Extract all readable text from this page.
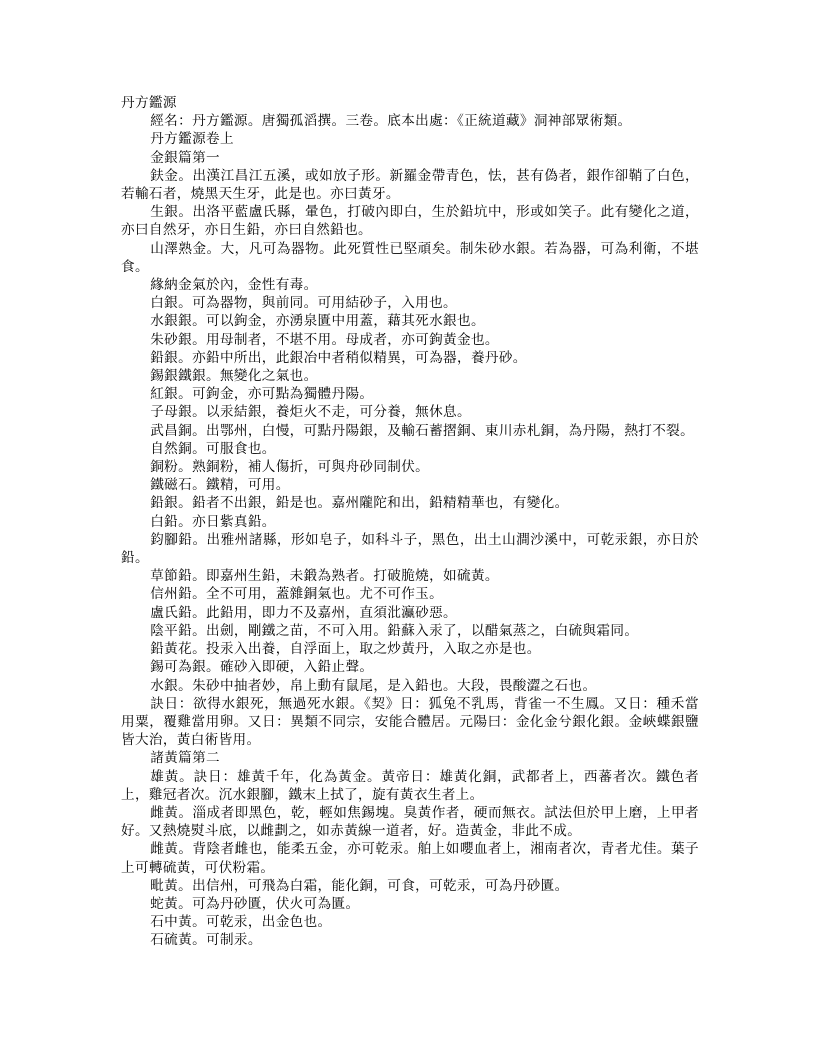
丹方鑑源

經名：丹方鑑源。唐獨孤滔撰。三卷。底本出處：《正統道藏》洞神部眾術類。

丹方鑑源卷上

金銀篇第一

鈇金。出漢江昌江五溪，或如放子形。新羅金帶青色，怯，甚有偽者，銀作卻鞘了白色，若輸石者，燒黑天生牙，此是也。亦曰黃牙。

生銀。出洛平藍盧氏縣，暈色，打破內即白，生於鉛坑中，形或如笑子。此有變化之道，亦曰自然牙，亦日生鉛，亦曰自然鉛也。

山澤熟金。大，凡可為器物。此死質性已堅頑矣。制朱砂水銀。若為器，可為利衛，不堪食。

緣納金氣於內，金性有毒。

白銀。可為器物，與前同。可用結砂子，入用也。

水銀銀。可以鉤金，亦湧泉匱中用蓋，藉其死水銀也。

朱砂銀。用母制者，不堪不用。母成者，亦可鉤黃金也。

鉛銀。亦鉛中所出，此銀冶中者稍似精異，可為器，養丹砂。

錫銀鐵銀。無變化之氣也。

紅銀。可鉤金，亦可點為獨體丹陽。

子母銀。以汞結銀，養炬火不走，可分養，無休息。

武昌銅。出鄂州，白慢，可點丹陽銀，及輸石蓄摺銅、東川赤札銅，為丹陽，熱打不裂。

自然銅。可服食也。

銅粉。熟銅粉，補人傷折，可與舟砂同制伏。

鐵磁石。鐵精，可用。

鉛銀。鉛者不出銀，鉛是也。嘉州隴陀和出，鉛精精華也，有變化。

白鉛。亦日紫真鉛。

鈞腳鉛。出雅州諸縣，形如皂子，如科斗子，黑色，出土山澗沙溪中，可乾汞銀，亦日於鉛。

草節鉛。即嘉州生鉛，未鍛為熟者。打破脆燒，如硫黃。

信州鉛。全不可用，蓋雜銅氣也。尤不可作玉。

盧氏鉛。此鉛用，即力不及嘉州，直須沘灜砂惡。

陰平鉛。出劍，剛鐵之苗，不可入用。鉛蘇入汞了，以醋氣蒸之，白硫與霜同。

鉛黃花。投汞入出養，自浮面上，取之炒黃丹，入取之亦是也。

錫可為銀。確砂入即硬，入鉛止聲。

水銀。朱砂中抽者妙，帛上動有鼠尾，是入鉛也。大段，畏酸澀之石也。

訣日：欲得水銀死，無過死水銀。《契》日：狐兔不乳馬，背雀一不生鳳。又日：種禾當用粟，覆雞當用卵。又日：異類不同宗，安能合體居。元陽曰：金化金兮銀化銀。金峽蝶銀鹽皆大治，黃白術皆用。

諸黃篇第二

雄黃。訣日：雄黃千年，化為黃金。黃帝日：雄黃化銅，武都者上，西蕃者次。鐵色者上，雞冠者次。沉水銀腳，鐵末上拭了，旋有黃衣生者上。

雌黃。淄成者即黑色，乾，輕如焦錫塊。臭黃作者，硬而無衣。試法但於甲上磨，上甲者好。又熱燒熨斗底，以雌劃之，如赤黃線一道者，好。造黃金，非此不成。

雌黃。背陰者雌也，能柔五金，亦可乾汞。舶上如嚶血者上，湘南者次，青者尤佳。葉子上可轉硫黃，可伏粉霜。

毗黃。出信州，可飛為白霜，能化銅，可食，可乾汞，可為丹砂匱。

蛇黃。可為丹砂匱，伏火可為匱。

石中黃。可乾汞，出金色也。

石硫黃。可制汞。
